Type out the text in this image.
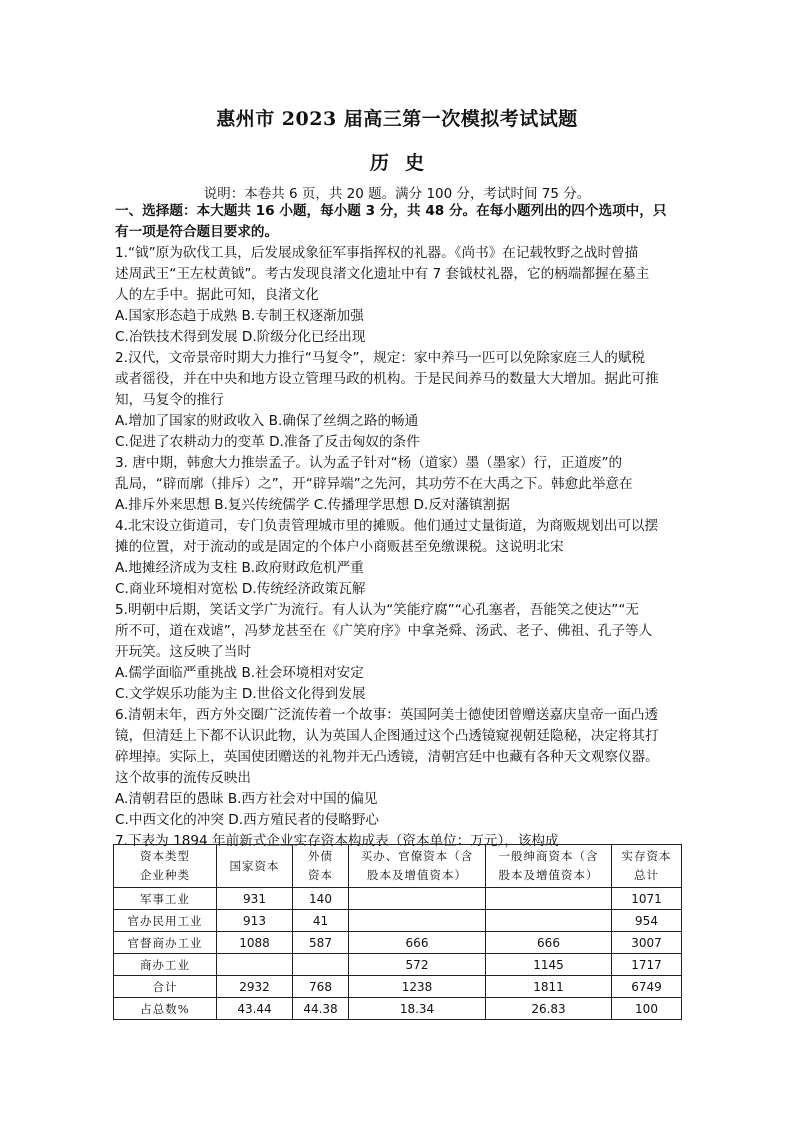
惠州市 2023 届高三第一次模拟考试试题
历史

说明：本卷共 6 页，共 20 题。满分 100 分，考试时间 75 分。

一、选择题：本大题共 16 小题，每小题 3 分，共 48 分。在每小题列出的四个选项中，只
有一项是符合题目要求的。
1.“钺”原为砍伐工具，后发展成象征军事指挥权的礼器。《尚书》在记载牧野之战时曾描
述周武王“王左杖黄钺”。考古发现良渚文化遗址中有 7 套钺杖礼器，它的柄端都握在墓主
人的左手中。据此可知，良渚文化
A.国家形态趋于成熟 B.专制王权逐渐加强
C.冶铁技术得到发展 D.阶级分化已经出现
2.汉代，文帝景帝时期大力推行“马复令”，规定：家中养马一匹可以免除家庭三人的赋税
或者徭役，并在中央和地方设立管理马政的机构。于是民间养马的数量大大增加。据此可推
知，马复令的推行
A.增加了国家的财政收入 B.确保了丝绸之路的畅通
C.促进了农耕动力的变革 D.准备了反击匈奴的条件
3. 唐中期，韩愈大力推崇孟子。认为孟子针对“杨（道家）墨（墨家）行，正道废”的
乱局，“辟而廓（排斥）之”，开“辟异端”之先河，其功劳不在大禹之下。韩愈此举意在
A.排斥外来思想 B.复兴传统儒学 C.传播理学思想 D.反对藩镇割据
4.北宋设立街道司，专门负责管理城市里的摊贩。他们通过丈量街道，为商贩规划出可以摆
摊的位置，对于流动的或是固定的个体户小商贩甚至免缴课税。这说明北宋
A.地摊经济成为支柱 B.政府财政危机严重
C.商业环境相对宽松 D.传统经济政策瓦解
5.明朝中后期，笑话文学广为流行。有人认为“笑能疗腐”“心孔塞者，吾能笑之使达”“无
所不可，道在戏谑”，冯梦龙甚至在《广笑府序》中拿尧舜、汤武、老子、佛祖、孔子等人
开玩笑。这反映了当时
A.儒学面临严重挑战 B.社会环境相对安定
C.文学娱乐功能为主 D.世俗文化得到发展
6.清朝末年，西方外交圈广泛流传着一个故事：英国阿美士德使团曾赠送嘉庆皇帝一面凸透
镜，但清廷上下都不认识此物，认为英国人企图通过这个凸透镜窥视朝廷隐秘，决定将其打
碎埋掉。实际上，英国使团赠送的礼物并无凸透镜，清朝宫廷中也藏有各种天文观察仪器。
这个故事的流传反映出
A.清朝君臣的愚昧 B.西方社会对中国的偏见
C.中西文化的冲突 D.西方殖民者的侵略野心
7.下表为 1894 年前新式企业实存资本构成表（资本单位：万元），该构成
资本类型
企业种类	国家资本	外债
资本	买办、官僚资本（含
股本及增值资本）	一般绅商资本（含
股本及增值资本）	实存资本
总计

军事工业	931	140			1071
官办民用工业	913	41			954
官督商办工业	1088	587	666	666	3007
商办工业			572	1145	1717
合计	2932	768	1238	1811	6749
占总数%	43.44	44.38	18.34	26.83	100
